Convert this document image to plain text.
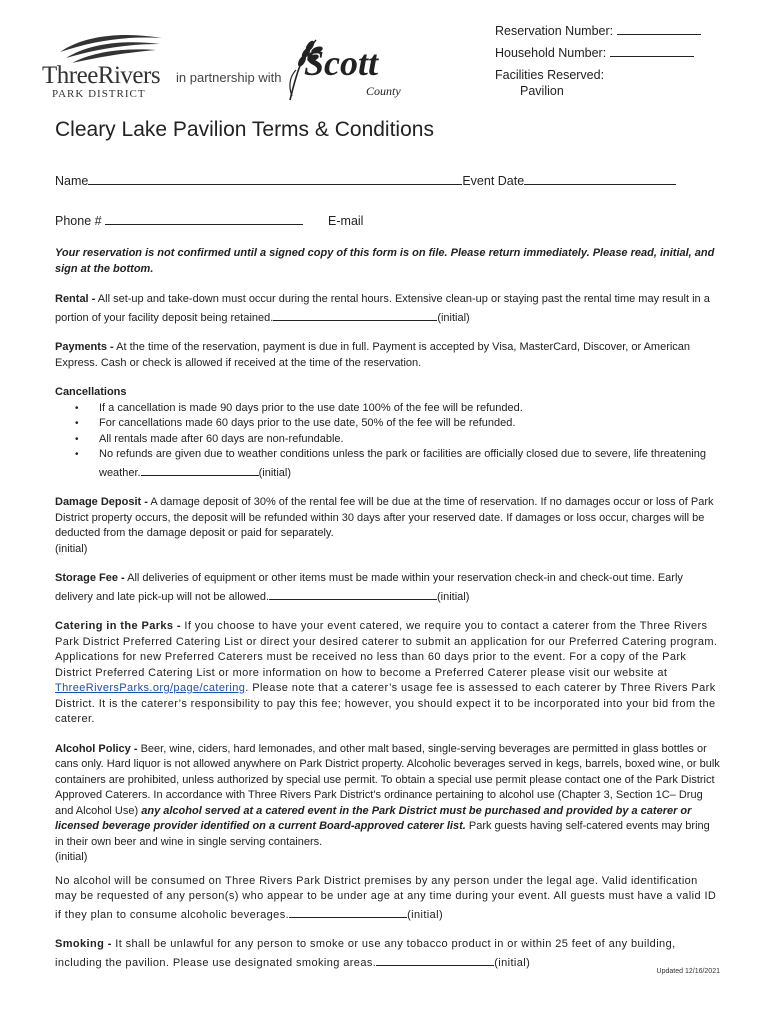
ThreeRivers
PARK DISTRICT
in partnership with Scott
County
Reservation Number:
Household Number:
Facilities Reserved:
Pavilion
Cleary Lake Pavilion Terms & Conditions
Name	Event Date
Phone #	E-mail

Your reservation is not confirmed until a signed copy of this form is on file. Please return immediately. Please read, initial, and sign at the bottom.

Rental - All set-up and take-down must occur during the rental hours. Extensive clean-up or staying past the rental time may result in a portion of your facility deposit being retained.	(initial)

Payments - At the time of the reservation, payment is due in full. Payment is accepted by Visa, MasterCard, Discover, or American Express. Cash or check is allowed if received at the time of the reservation.

Cancellations
• If a cancellation is made 90 days prior to the use date 100% of the fee will be refunded.
• For cancellations made 60 days prior to the use date, 50% of the fee will be refunded.
• All rentals made after 60 days are non-refundable.
• No refunds are given due to weather conditions unless the park or facilities are officially closed due to severe, life threatening weather.	(initial)

Damage Deposit - A damage deposit of 30% of the rental fee will be due at the time of reservation. If no damages occur or loss of Park District property occurs, the deposit will be refunded within 30 days after your reserved date. If damages or loss occur, charges will be deducted from the damage deposit or paid for separately.
(initial)

Storage Fee - All deliveries of equipment or other items must be made within your reservation check-in and check-out time. Early delivery and late pick-up will not be allowed.	(initial)

Catering in the Parks - If you choose to have your event catered, we require you to contact a caterer from the Three Rivers Park District Preferred Catering List or direct your desired caterer to submit an application for our Preferred Catering program. Applications for new Preferred Caterers must be received no less than 60 days prior to the event. For a copy of the Park District Preferred Catering List or more information on how to become a Preferred Caterer please visit our website at ThreeRiversParks.org/page/catering. Please note that a caterer’s usage fee is assessed to each caterer by Three Rivers Park District. It is the caterer’s responsibility to pay this fee; however, you should expect it to be incorporated into your bid from the caterer.

Alcohol Policy - Beer, wine, ciders, hard lemonades, and other malt based, single-serving beverages are permitted in glass bottles or cans only. Hard liquor is not allowed anywhere on Park District property. Alcoholic beverages served in kegs, barrels, boxed wine, or bulk containers are prohibited, unless authorized by special use permit. To obtain a special use permit please contact one of the Park District Approved Caterers. In accordance with Three Rivers Park District’s ordinance pertaining to alcohol use (Chapter 3, Section 1C– Drug and Alcohol Use) any alcohol served at a catered event in the Park District must be purchased and provided by a caterer or licensed beverage provider identified on a current Board-approved caterer list. Park guests having self-catered events may bring in their own beer and wine in single serving containers.
(initial)

No alcohol will be consumed on Three Rivers Park District premises by any person under the legal age. Valid identification may be requested of any person(s) who appear to be under age at any time during your event. All guests must have a valid ID if they plan to consume alcoholic beverages.	(initial)

Smoking - It shall be unlawful for any person to smoke or use any tobacco product in or within 25 feet of any building, including the pavilion. Please use designated smoking areas.	(initial)

Updated 12/16/2021
